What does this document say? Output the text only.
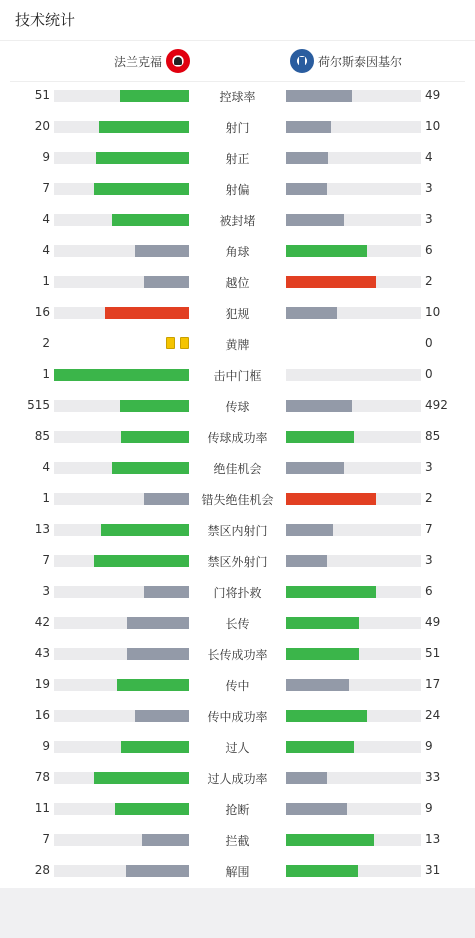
技术统计
法兰克福	荷尔斯泰因基尔
51	控球率	49
20	射门	10
9	射正	4
7	射偏	3
4	被封堵	3
4	角球	6
1	越位	2
16	犯规	10
2	黄牌	0
1	击中门框	0
515	传球	492
85	传球成功率	85
4	绝佳机会	3
1	错失绝佳机会	2
13	禁区内射门	7
7	禁区外射门	3
3	门将扑救	6
42	长传	49
43	长传成功率	51
19	传中	17
16	传中成功率	24
9	过人	9
78	过人成功率	33
11	抢断	9
7	拦截	13
28	解围	31
